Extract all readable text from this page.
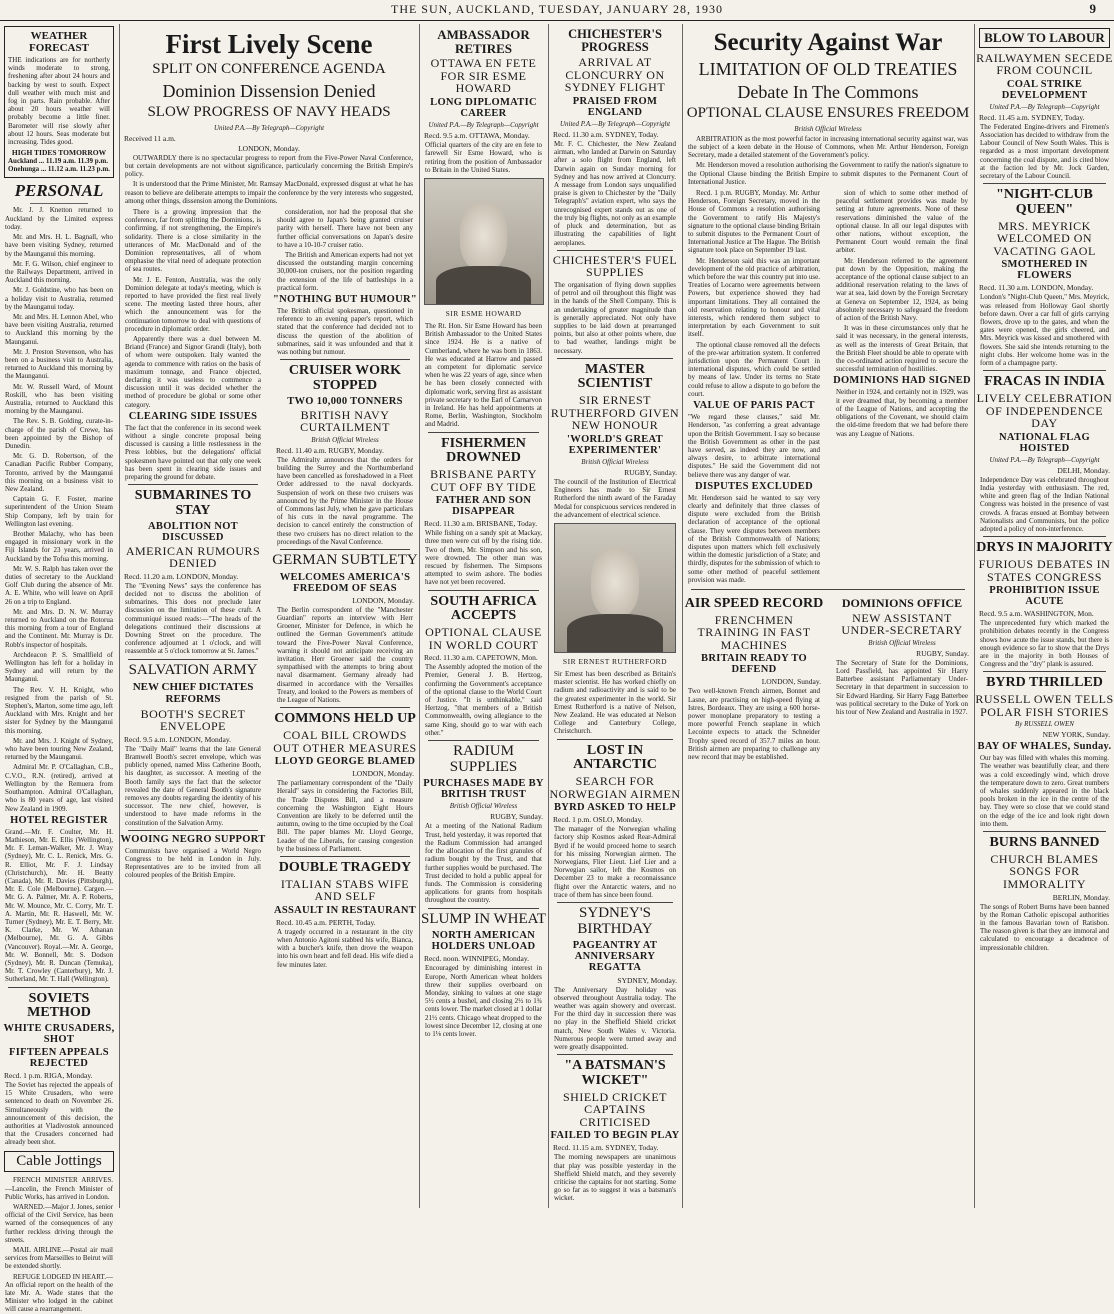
THE SUN, AUCKLAND, TUESDAY, JANUARY 28, 1930	9
WEATHER FORECAST
THE indications are for northerly winds moderate to strong, freshening after about 24 hours and backing by west to south. Expect dull weather with much mist and fog in parts. Rain probable. After about 20 hours weather will probably become a little finer. Barometer will rise slowly after about 12 hours. Seas moderate but increasing. Tides good.
HIGH TIDES TOMORROW
Auckland ... 11.19 a.m. 11.39 p.m.
Onehunga ... 11.12 a.m. 11.23 p.m.
PERSONAL

Mr. J. J. Knetton returned to Auckland by the Limited express today.

Mr. and Mrs. H. L. Bagnall, who have been visiting Sydney, returned by the Maunganui this morning.

Mr. F. G. Wilson, chief engineer to the Railways Department, arrived in Auckland this morning.

Mr. J. Goldstine, who has been on a holiday visit to Australia, returned by the Maunganui today.

Mr. and Mrs. H. Lennon Abel, who have been visiting Australia, returned to Auckland this morning by the Maunganui.

Mr. J. Preston Stevenson, who has been on a business visit to Australia, returned to Auckland this morning by the Maunganui.

Mr. W. Russell Ward, of Mount Roskill, who has been visiting Australia, returned to Auckland this morning by the Maunganui.

The Rev. S. B. Golding, curate-in-charge of the parish of Crewe, has been appointed by the Bishop of Dunedin.

Mr. G. D. Robertson, of the Canadian Pacific Rubber Company, Toronto, arrived by the Maunganui this morning on a business visit to New Zealand.

Captain G. F. Foster, marine superintendent of the Union Steam Ship Company, left by train for Wellington last evening.

Brother Malachy, who has been engaged in missionary work in the Fiji Islands for 23 years, arrived in Auckland by the Tofua this morning.

Mr. W. S. Ralph has taken over the duties of secretary to the Auckland Golf Club during the absence of Mr. A. E. White, who will leave on April 26 on a trip to England.

Mr. and Mrs. D. N. W. Murray returned to Auckland on the Rotorua this morning from a tour of England and the Continent. Mr. Murray is Dr. Robb's inspector of hospitals.

Archdeacon P. S. Smallfield of Wellington has left for a holiday in Sydney and will return by the Maunganui.

The Rev. V. H. Knight, who resigned from the parish of St. Stephen's, Marton, some time ago, left Auckland with Mrs. Knight and her sister for Sydney by the Maunganui this morning.

Mr. and Mrs. J. Knight of Sydney, who have been touring New Zealand, returned by the Maunganui.

Admiral Mr. P. O'Callaghan, C.B., C.V.O., R.N. (retired), arrived at Wellington by the Remuera from Southampton. Admiral O'Callaghan, who is 80 years of age, last visited New Zealand in 1909.

HOTEL REGISTER
Grand.—Mr. F. Coulter, Mr. H. Mathieson, Mr. E. Ellis (Wellington), Mr. F. Leman-Walker, Mr. J. Wray (Sydney), Mr. C. L. Renick, Mrs. G. R. Elliot, Mr. F. J. Lindsay (Christchurch), Mr. H. Beatty (Canada), Mr. R. Davies (Pittsburgh), Mr. E. Cole (Melbourne). Cargen.—Mr. G. A. Palmer, Mr. A. P. Roberts, Mr. W. Mounce, Mr. C. Corry, Mr. T. A. Martin, Mr. R. Haswell, Mr. W. Turner (Sydney), Mr. E. T. Berry, Mr. K. Clarke, Mr. W. Athanan (Melbourne), Mr. G. A. Gibbs (Vancouver). Royal.—Mr. A. George, Mr. W. Bonnell, Mr. S. Dodson (Sydney), Mr. R. Duncan (Temuka), Mr. T. Crowley (Canterbury), Mr. J. Sutherland, Mr. T. Hall (Wellington).
SOVIETS METHOD
WHITE CRUSADERS, SHOT
FIFTEEN APPEALS REJECTED
Recd. 1 p.m. RIGA, Monday.
The Soviet has rejected the appeals of 15 White Crusaders, who were sentenced to death on November 26. Simultaneously with the announcement of this decision, the authorities at Vladivostok announced that the Crusaders concerned had already been shot.
Cable Jottings

FRENCH MINISTER ARRIVES.—Lancelin, the French Minister of Public Works, has arrived in London.

WARNED.—Major J. Jones, senior official of the Civil Service, has been warned of the consequences of any further reckless driving through the streets.

MAIL AIRLINE.—Postal air mail services from Marseilles to Beirut will be extended shortly.

REFUGE LODGED IN HEART.—An official report on the health of the late Mr. A. Wade states that the Minister who lodged in the cabinet will cause a rearrangement.

First Lively Scene
SPLIT ON CONFERENCE AGENDA
Dominion Dissension Denied
SLOW PROGRESS OF NAVY HEADS
United P.A.—By Telegraph—Copyright
Received 11 a.m.
LONDON, Monday.

OUTWARDLY there is no spectacular progress to report from the Five-Power Naval Conference, but certain developments are not without significance, particularly concerning the British Empire's policy.

It is understood that the Prime Minister, Mr. Ramsay MacDonald, expressed disgust at what he has reason to believe are deliberate attempts to impair the conference by the very interests who suggested, among other things, dissension among the Dominions.

There is a growing impression that the conference, far from splitting the Dominions, is confirming, if not strengthening, the Empire's solidarity. There is a close similarity in the utterances of Mr. MacDonald and of the Dominion representatives, all of whom emphasise the vital need of adequate protection of sea routes.

Mr. J. E. Fenton, Australia, was the only Dominion delegate at today's meeting, which is reported to have provided the first real lively scene. The meeting lasted three hours, after which the announcement was for the continuation tomorrow to deal with questions of procedure in diplomatic order.

Apparently there was a duel between M. Briand (France) and Signor Grandi (Italy), both of whom were outspoken. Italy wanted the agenda to commence with ratios on the basis of maximum tonnage, and France objected, declaring it was useless to commence a discussion until it was decided whether the method of procedure be global or some other category.

CLEARING SIDE ISSUES
The fact that the conference in its second week without a single concrete proposal being discussed is causing a little restlessness in the Press lobbies, but the delegations' official spokesmen have pointed out that only one week has been spent in clearing side issues and preparing the ground for debate.
SUBMARINES TO STAY
ABOLITION NOT DISCUSSED
AMERICAN RUMOURS DENIED
Recd. 11.20 a.m. LONDON, Monday.
The "Evening News" says the conference has decided not to discuss the abolition of submarines. This does not preclude later discussion on the limitation of these craft. A communiqué issued reads:—"The heads of the delegations continued their discussions at Downing Street on the procedure. The conference adjourned at 1 o'clock, and will reassemble at 5 o'clock tomorrow at St. James."
SALVATION ARMY
NEW CHIEF DICTATES REFORMS
BOOTH'S SECRET ENVELOPE
Recd. 9.5 a.m. LONDON, Monday.
The "Daily Mail" learns that the late General Bramwell Booth's secret envelope, which was publicly opened, named Miss Catherine Booth, his daughter, as successor. A meeting of the Booth family says the fact that the selector revealed the date of General Booth's signature removes any doubts regarding the identity of his successor. The new chief, however, is understood to have made reforms in the constitution of the Salvation Army.
WOOING NEGRO SUPPORT
Communists have organised a World Negro Congress to be held in London in July. Representatives are to be invited from all coloured peoples of the British Empire.

consideration, nor had the proposal that she should agree to Japan's being granted cruiser parity with herself. There have not been any further official conversations on Japan's desire to have a 10-10-7 cruiser ratio.

The British and American experts had not yet discussed the outstanding margin concerning 30,000-ton cruisers, nor the position regarding the extension of the life of battleships in a practical form.

"NOTHING BUT HUMOUR"
The British official spokesman, questioned in reference to an evening paper's report, which stated that the conference had decided not to discuss the question of the abolition of submarines, said it was unfounded and that it was nothing but rumour.
CRUISER WORK STOPPED
TWO 10,000 TONNERS
BRITISH NAVY CURTAILMENT
British Official Wireless
Recd. 11.40 a.m. RUGBY, Monday.
The Admiralty announces that the orders for building the Surrey and the Northumberland have been cancelled as foreshadowed in a Fleet Order addressed to the naval dockyards. Suspension of work on these two cruisers was announced by the Prime Minister in the House of Commons last July, when he gave particulars of his cuts in the naval programme. The decision to cancel entirely the construction of these two cruisers has no direct relation to the proceedings of the Naval Conference.
GERMAN SUBTLETY
WELCOMES AMERICA'S FREEDOM OF SEAS
LONDON, Monday.
The Berlin correspondent of the "Manchester Guardian" reports an interview with Herr Groener, Minister for Defence, in which he outlined the German Government's attitude toward the Five-Power Naval Conference, warning it should not anticipate receiving an invitation. Herr Groener said the country sympathised with the attempts to bring about naval disarmament. Germany already had disarmed in accordance with the Versailles Treaty, and looked to the Powers as members of the League of Nations.
COMMONS HELD UP
COAL BILL CROWDS OUT OTHER MEASURES
LLOYD GEORGE BLAMED
LONDON, Monday.
The parliamentary correspondent of the "Daily Herald" says in considering the Factories Bill, the Trade Disputes Bill, and a measure concerning the Washington Eight Hours Convention are likely to be deferred until the autumn, owing to the time occupied by the Coal Bill. The paper blames Mr. Lloyd George, Leader of the Liberals, for causing congestion by the business of Parliament.
DOUBLE TRAGEDY
ITALIAN STABS WIFE AND SELF
ASSAULT IN RESTAURANT
Recd. 10.45 a.m. PERTH, Today.
A tragedy occurred in a restaurant in the city when Antonio Agitoni stabbed his wife, Bianca, with a butcher's knife, then drove the weapon into his own heart and fell dead. His wife died a few minutes later.
AMBASSADOR RETIRES
OTTAWA EN FETE FOR SIR ESME HOWARD
LONG DIPLOMATIC CAREER
United P.A.—By Telegraph—Copyright
Recd. 9.5 a.m. OTTAWA, Monday.
Official quarters of the city are en fete to farewell Sir Esme Howard, who is retiring from the position of Ambassador to Britain in the United States.
SIR ESME HOWARD
The Rt. Hon. Sir Esme Howard has been British Ambassador to the United States since 1924. He is a native of Cumberland, where he was born in 1863. He was educated at Harrow and passed an competent for diplomatic service when he was 22 years of age, since when he has been closely connected with diplomatic work, serving first as assistant private secretary to the Earl of Carnarvon in Ireland. He has held appointments at Rome, Berlin, Washington, Stockholm and Madrid.
FISHERMEN DROWNED
BRISBANE PARTY CUT OFF BY TIDE
FATHER AND SON DISAPPEAR
Recd. 11.30 a.m. BRISBANE, Today.
While fishing on a sandy spit at Mackay, three men were cut off by the rising tide. Two of them, Mr. Simpson and his son, were drowned. The other man was rescued by fishermen. The Simpsons attempted to swim ashore. The bodies have not yet been recovered.
SOUTH AFRICA ACCEPTS
OPTIONAL CLAUSE IN WORLD COURT
Recd. 11.30 a.m. CAPETOWN, Mon.
The Assembly adopted the motion of the Premier, General J. B. Hertzog, confirming the Government's acceptance of the optional clause to the World Court of Justice. "It is unthinkable," said Hertzog, "that members of a British Commonwealth, owing allegiance to the same King, should go to war with each other."
RADIUM SUPPLIES
PURCHASES MADE BY BRITISH TRUST
British Official Wireless
RUGBY, Sunday.
At a meeting of the National Radium Trust, held yesterday, it was reported that the Radium Commission had arranged for the allocation of the first granules of radium bought by the Trust, and that further supplies would be purchased. The Trust decided to hold a public appeal for funds. The Commission is considering applications for grants from hospitals throughout the country.
SLUMP IN WHEAT
NORTH AMERICAN HOLDERS UNLOAD
Recd. noon. WINNIPEG, Monday.
Encouraged by diminishing interest in Europe, North American wheat holders threw their supplies overboard on Monday, sinking to values at one stage 5½ cents a bushel, and closing 2½ to 1¾ cents lower. The market closed at 1 dollar 21½ cents. Chicago wheat dropped to the lowest since December 12, closing at one to 1⅛ cents lower.
CHICHESTER'S PROGRESS
ARRIVAL AT CLONCURRY ON SYDNEY FLIGHT
PRAISED FROM ENGLAND
United P.A.—By Telegraph—Copyright
Recd. 11.30 a.m. SYDNEY, Today.
Mr. F. C. Chichester, the New Zealand airman, who landed at Darwin on Saturday after a solo flight from England, left Darwin again on Sunday morning for Sydney and has now arrived at Cloncurry. A message from London says unqualified praise is given to Chichester by the "Daily Telegraph's" aviation expert, who says the unrecognised expert stands out as one of the truly big flights, not only as an example of pluck and determination, but as illustrating the capabilities of light aeroplanes.
CHICHESTER'S FUEL SUPPLIES
The organisation of flying down supplies of petrol and oil throughout this flight was in the hands of the Shell Company. This is an undertaking of greater magnitude than is generally appreciated. Not only have supplies to be laid down at prearranged points, but also at other points where, due to bad weather, landings might be necessary.
MASTER SCIENTIST
SIR ERNEST RUTHERFORD GIVEN NEW HONOUR
'WORLD'S GREAT EXPERIMENTER'
British Official Wireless
RUGBY, Sunday.
The council of the Institution of Electrical Engineers has made to Sir Ernest Rutherford the ninth award of the Faraday Medal for conspicuous services rendered in the advancement of electrical science.
SIR ERNEST RUTHERFORD
Sir Ernest has been described as Britain's master scientist. He has worked chiefly on radium and radioactivity and is said to be the greatest experimenter in the world. Sir Ernest Rutherford is a native of Nelson, New Zealand. He was educated at Nelson College and Canterbury College, Christchurch.
LOST IN ANTARCTIC
SEARCH FOR NORWEGIAN AIRMEN
BYRD ASKED TO HELP
Recd. 1 p.m. OSLO, Monday.
The manager of the Norwegian whaling factory ship Kosmos asked Rear-Admiral Byrd if he would proceed home to search for his missing Norwegian airmen. The Norwegians, Flier Lieut. Lief Lier and a Norwegian sailor, left the Kosmos on December 23 to make a reconnaissance flight over the Antarctic waters, and no trace of them has since been found.
SYDNEY'S BIRTHDAY
PAGEANTRY AT ANNIVERSARY REGATTA
SYDNEY, Monday.
The Anniversary Day holiday was observed throughout Australia today. The weather was again showery and overcast. For the third day in succession there was no play in the Sheffield Shield cricket match, New South Wales v. Victoria. Numerous people were turned away and were greatly disappointed.
"A BATSMAN'S WICKET"
SHIELD CRICKET CAPTAINS CRITICISED
FAILED TO BEGIN PLAY
Recd. 11.15 a.m. SYDNEY, Today.
The morning newspapers are unanimous that play was possible yesterday in the Sheffield Shield match, and they severely criticise the captains for not starting. Some go so far as to suggest it was a batsman's wicket.
Security Against War
LIMITATION OF OLD TREATIES
Debate In The Commons
OPTIONAL CLAUSE ENSURES FREEDOM
British Official Wireless

ARBITRATION as the most powerful factor in increasing international security against war, was the subject of a keen debate in the House of Commons, when Mr. Arthur Henderson, Foreign Secretary, made a detailed statement of the Government's policy.

Mr. Henderson moved a resolution authorising the Government to ratify the nation's signature to the Optional Clause binding the British Empire to submit disputes to the Permanent Court of International Justice.

Recd. 1 p.m. RUGBY, Monday. Mr. Arthur Henderson, Foreign Secretary, moved in the House of Commons a resolution authorising the Government to ratify His Majesty's signature to the optional clause binding Britain to submit disputes to the Permanent Court of International Justice at The Hague. The British signature took place on September 19 last.

Mr. Henderson said this was an important development of the old practice of arbitration, which before the war this country put into use. Treaties of Locarno were agreements between Powers, but experience showed they had important limitations. They all contained the old reservation relating to honour and vital interests, which rendered them subject to interpretation by each Government to suit itself.

The optional clause removed all the defects of the pre-war arbitration system. It conferred jurisdiction upon the Permanent Court in international disputes, which could be settled by means of law. Under its terms no State could refuse to allow a dispute to go before the court.

VALUE OF PARIS PACT
"We regard these clauses," said Mr. Henderson, "as conferring a great advantage upon the British Government. I say so because the British Government as other in the past have served, as indeed they are now, and always desire, to arbitrate international disputes." He said the Government did not believe there was any danger of war.
DISPUTES EXCLUDED
Mr. Henderson said he wanted to say very clearly and definitely that three classes of dispute were excluded from the British declaration of acceptance of the optional clause. They were disputes between members of the British Commonwealth of Nations; disputes upon matters which fell exclusively within the domestic jurisdiction of a State; and thirdly, disputes for the submission of which to some other method of peaceful settlement provision was made.

sion of which to some other method of peaceful settlement provides was made by setting at future agreements. None of these reservations diminished the value of the optional clause. In all our legal disputes with other nations, without exception, the Permanent Court would remain the final arbiter.

Mr. Henderson referred to the agreement put down by the Opposition, making the acceptance of the optional clause subject to an additional reservation relating to the laws of war at sea, laid down by the Foreign Secretary at Geneva on September 12, 1924, as being absolutely necessary to safeguard the freedom of action of the British Navy.

It was in these circumstances only that he said it was necessary, in the general interests, as well as the interests of Great Britain, that the British Fleet should be able to operate with the co-ordinated action required to secure the successful termination of hostilities.

DOMINIONS HAD SIGNED
Neither in 1924, and certainly not in 1929, was it ever dreamed that, by becoming a member of the League of Nations, and accepting the obligations of the Covenant, we should claim the old-time freedom that we had before there was any League of Nations.
AIR SPEED RECORD
FRENCHMEN TRAINING IN FAST MACHINES
BRITAIN READY TO DEFEND
LONDON, Sunday.
Two well-known French airmen, Bonnet and Lasne, are practising on high-speed flying at Istres, Bordeaux. They are using a 600 horse-power monoplane preparatory to testing a more powerful French seaplane in which Lecointe expects to attack the Schneider Trophy speed record of 357.7 miles an hour. British airmen are preparing to challenge any new record that may be established.
DOMINIONS OFFICE
NEW ASSISTANT UNDER-SECRETARY
British Official Wireless
RUGBY, Sunday.
The Secretary of State for the Dominions, Lord Passfield, has appointed Sir Harry Batterbee assistant Parliamentary Under-Secretary in that department in succession to Sir Edward Harding. Sir Harry Fagg Batterbee was political secretary to the Duke of York on his tour of New Zealand and Australia in 1927.
BLOW TO LABOUR
RAILWAYMEN SECEDE FROM COUNCIL
COAL STRIKE DEVELOPMENT
United P.A.—By Telegraph—Copyright
Recd. 11.45 a.m. SYDNEY, Today.
The Federated Engine-drivers and Firemen's Association has decided to withdraw from the Labour Council of New South Wales. This is regarded as a most important development concerning the coal dispute, and is cited blow at the faction led by Mr. Jock Garden, secretary of the Labour Council.
"NIGHT-CLUB QUEEN"
MRS. MEYRICK WELCOMED ON VACATING GAOL
SMOTHERED IN FLOWERS
Recd. 11.30 a.m. LONDON, Monday.
London's "Night-Club Queen," Mrs. Meyrick, was released from Holloway Gaol shortly before dawn. Over a car full of girls carrying flowers, drove up to the gates, and when the gates were opened, the girls cheered, and Mrs. Meyrick was kissed and smothered with flowers. She said she intends returning to the night clubs. Her welcome home was in the form of a champagne party.
FRACAS IN INDIA
LIVELY CELEBRATION OF INDEPENDENCE DAY
NATIONAL FLAG HOISTED
United P.A.—By Telegraph—Copyright
DELHI, Monday.
Independence Day was celebrated throughout India yesterday with enthusiasm. The red, white and green flag of the Indian National Congress was hoisted in the presence of vast crowds. A fracas ensued at Bombay between Nationalists and Communists, but the police adopted a policy of non-interference.
DRYS IN MAJORITY
FURIOUS DEBATES IN STATES CONGRESS
PROHIBITION ISSUE ACUTE
Recd. 9.5 a.m. WASHINGTON, Mon.
The unprecedented fury which marked the prohibition debates recently in the Congress shows how acute the issue stands, but there is enough evidence so far to show that the Drys are in the majority in both Houses of Congress and the "dry" plank is assured.
BYRD THRILLED
RUSSELL OWEN TELLS POLAR FISH STORIES
By RUSSELL OWEN
NEW YORK, Sunday.
BAY OF WHALES, Sunday.
Our bay was filled with whales this morning. The weather was beautifully clear, and there was a cold exceedingly wind, which drove the temperature down to zero. Great numbers of whales suddenly appeared in the black pools broken in the ice in the centre of the bay. They were so close that we could stand on the edge of the ice and look right down into them.
BURNS BANNED
CHURCH BLAMES SONGS FOR IMMORALITY
BERLIN, Monday.
The songs of Robert Burns have been banned by the Roman Catholic episcopal authorities in the famous Bavarian town of Ratisbon. The reason given is that they are immoral and calculated to encourage a decadence of impressionable children.
